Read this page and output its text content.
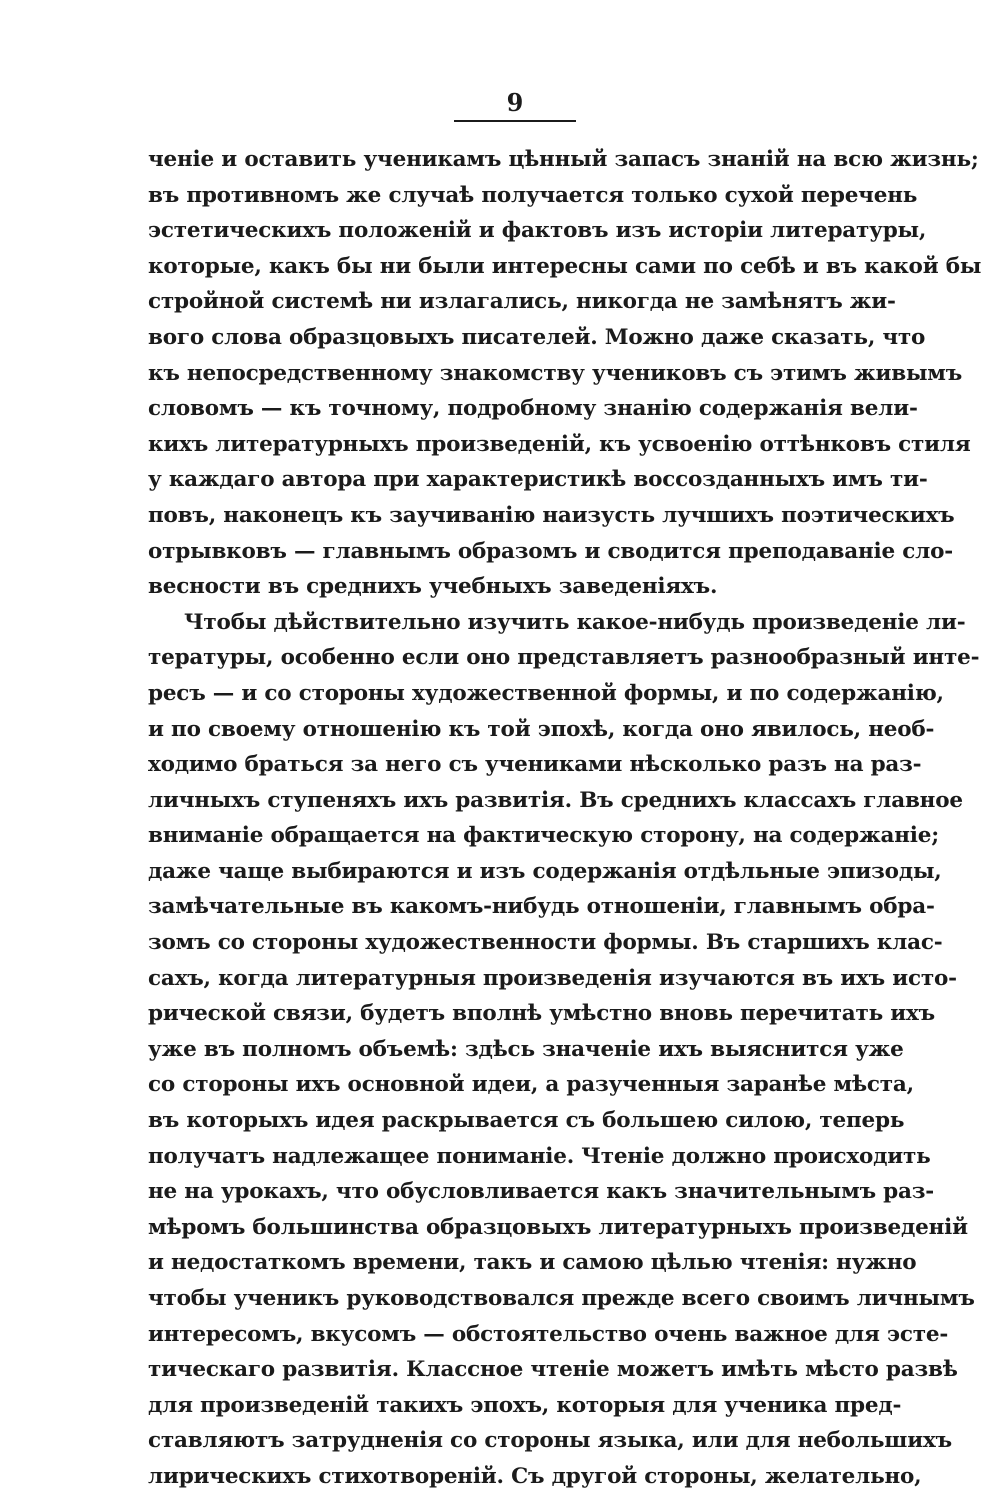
9
ченіе и оставить ученикамъ цѣнный запасъ знаній на всю жизнь;
въ противномъ же случаѣ получается только сухой перечень
эстетическихъ положеній и фактовъ изъ исторіи литературы,
которые, какъ бы ни были интересны сами по себѣ и въ какой бы
стройной системѣ ни излагались, никогда не замѣнятъ жи-
вого слова образцовыхъ писателей. Можно даже сказать, что
къ непосредственному знакомству учениковъ съ этимъ живымъ
словомъ — къ точному, подробному знанію содержанія вели-
кихъ литературныхъ произведеній, къ усвоенію оттѣнковъ стиля
у каждаго автора при характеристикѣ воссозданныхъ имъ ти-
повъ, наконецъ къ заучиванію наизусть лучшихъ поэтическихъ
отрывковъ — главнымъ образомъ и сводится преподаваніе сло-
весности въ среднихъ учебныхъ заведеніяхъ.
Чтобы дѣйствительно изучить какое-нибудь произведеніе ли-
тературы, особенно если оно представляетъ разнообразный инте-
ресъ — и со стороны художественной формы, и по содержанію,
и по своему отношенію къ той эпохѣ, когда оно явилось, необ-
ходимо браться за него съ учениками нѣсколько разъ на раз-
личныхъ ступеняхъ ихъ развитія. Въ среднихъ классахъ главное
вниманіе обращается на фактическую сторону, на содержаніе;
даже чаще выбираются и изъ содержанія отдѣльные эпизоды,
замѣчательные въ какомъ-нибудь отношеніи, главнымъ обра-
зомъ со стороны художественности формы. Въ старшихъ клас-
сахъ, когда литературныя произведенія изучаются въ ихъ исто-
рической связи, будетъ вполнѣ умѣстно вновь перечитать ихъ
уже въ полномъ объемѣ: здѣсь значеніе ихъ выяснится уже
со стороны ихъ основной идеи, а разученныя заранѣе мѣста,
въ которыхъ идея раскрывается съ большею силою, теперь
получатъ надлежащее пониманіе. Чтеніе должно происходить
не на урокахъ, что обусловливается какъ значительнымъ раз-
мѣромъ большинства образцовыхъ литературныхъ произведеній
и недостаткомъ времени, такъ и самою цѣлью чтенія: нужно
чтобы ученикъ руководствовался прежде всего своимъ личнымъ
интересомъ, вкусомъ — обстоятельство очень важное для эсте-
тическаго развитія. Классное чтеніе можетъ имѣть мѣсто развѣ
для произведеній такихъ эпохъ, которыя для ученика пред-
ставляютъ затрудненія со стороны языка, или для небольшихъ
лирическихъ стихотвореній. Съ другой стороны, желательно,
